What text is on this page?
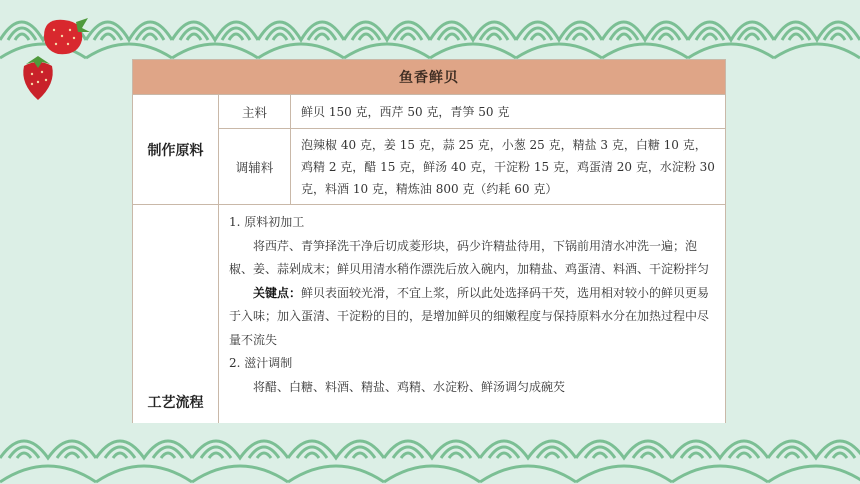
鱼香鲜贝		
制作原料	主料	鲜贝 150 克，西芹 50 克，青笋 50 克
	调辅料	泡辣椒 40 克，姜 15 克，蒜 25 克，小葱 25 克，精盐 3 克，白糖 10 克，鸡精 2 克，醋 15 克，鲜汤 40 克，干淀粉 15 克，鸡蛋清 20 克，水淀粉 30 克，料酒 10 克，精炼油 800 克（约耗 60 克）
工艺流程	1. 原料初加工

将西芹、青笋择洗干净后切成菱形块，码少许精盐待用，下锅前用清水冲洗一遍；泡椒、姜、蒜剁成末；鲜贝用清水稍作漂洗后放入碗内，加精盐、鸡蛋清、料酒、干淀粉拌匀

关键点：鲜贝表面较光滑，不宜上浆，所以此处选择码干芡，选用相对较小的鲜贝更易于入味；加入蛋清、干淀粉的目的，是增加鲜贝的细嫩程度与保持原料水分在加热过程中尽量不流失

2. 滋汁调制

将醋、白糖、料酒、精盐、鸡精、水淀粉、鲜汤调匀成碗芡	
